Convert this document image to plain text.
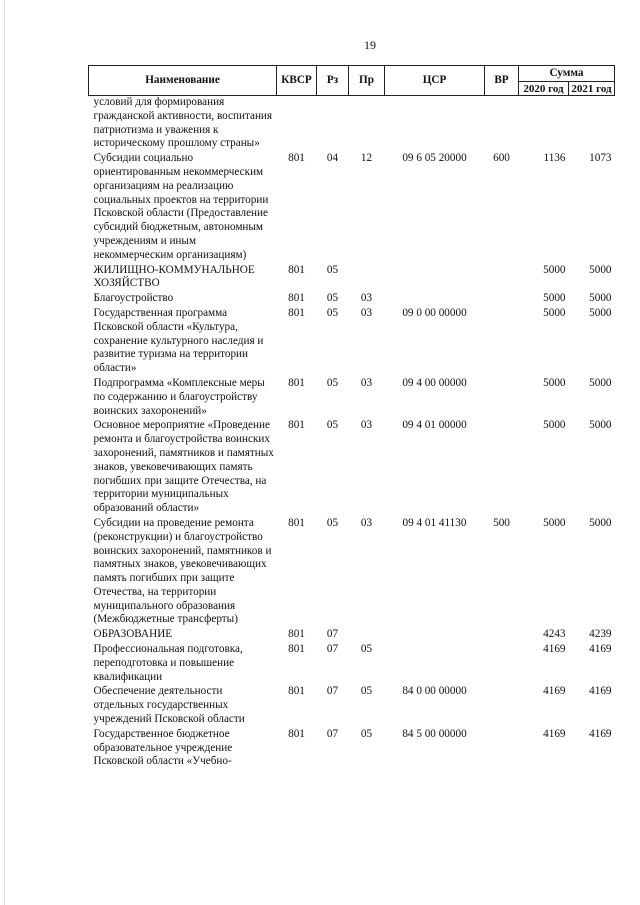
19
Наименование	КВСР	Рз	Пр	ЦСР	ВР	Сумма	
						2020 год	2021 год
условий для формирования гражданской активности, воспитания патриотизма и уважения к историческому прошлому страны»							
Субсидии социально ориентированным некоммерческим организациям на реализацию социальных проектов на территории Псковской области (Предоставление субсидий бюджетным, автономным учреждениям и иным некоммерческим организациям)	801	04	12	09 6 05 20000	600	1136	1073
ЖИЛИЩНО-КОММУНАЛЬНОЕ ХОЗЯЙСТВО	801	05				5000	5000
Благоустройство	801	05	03			5000	5000
Государственная программа Псковской области «Культура, сохранение культурного наследия и развитие туризма на территории области»	801	05	03	09 0 00 00000		5000	5000
Подпрограмма «Комплексные меры по содержанию и благоустройству воинских захоронений»	801	05	03	09 4 00 00000		5000	5000
Основное мероприятие «Проведение ремонта и благоустройства воинских захоронений, памятников и памятных знаков, увековечивающих память погибших при защите Отечества, на территории муниципальных образований области»	801	05	03	09 4 01 00000		5000	5000
Субсидии на проведение ремонта (реконструкции) и благоустройство воинских захоронений, памятников и памятных знаков, увековечивающих память погибших при защите Отечества, на территории муниципального образования (Межбюджетные трансферты)	801	05	03	09 4 01 41130	500	5000	5000
ОБРАЗОВАНИЕ	801	07				4243	4239
Профессиональная подготовка, переподготовка и повышение квалификации	801	07	05			4169	4169
Обеспечение деятельности отдельных государственных учреждений Псковской области	801	07	05	84 0 00 00000		4169	4169
Государственное бюджетное образовательное учреждение Псковской области «Учебно-	801	07	05	84 5 00 00000		4169	4169
